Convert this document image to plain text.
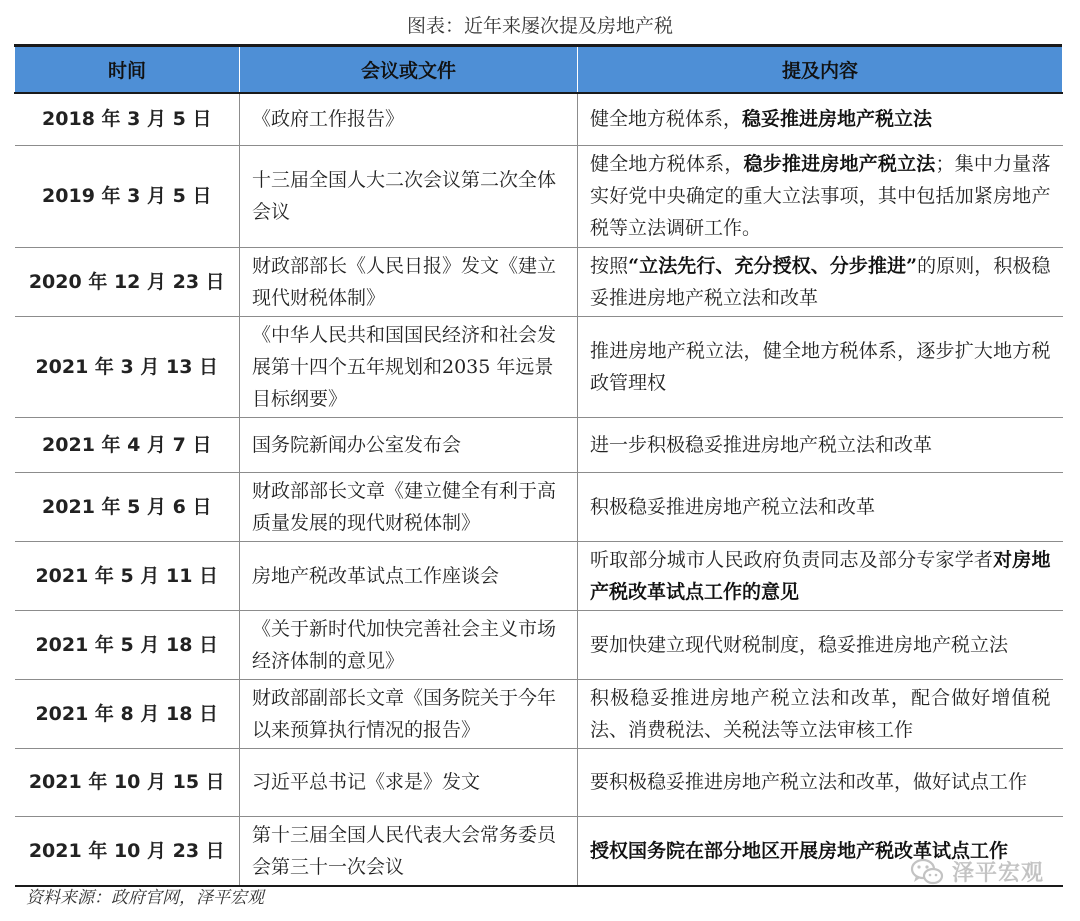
图表：近年来屡次提及房地产税
时间	会议或文件	提及内容
2018 年 3 月 5 日	《政府工作报告》	健全地方税体系，稳妥推进房地产税立法
2019 年 3 月 5 日	十三届全国人大二次会议第二次全体会议	健全地方税体系，稳步推进房地产税立法；集中力量落实好党中央确定的重大立法事项，其中包括加紧房地产税等立法调研工作。
2020 年 12 月 23 日	财政部部长《人民日报》发文《建立现代财税体制》	按照“立法先行、充分授权、分步推进”的原则，积极稳妥推进房地产税立法和改革
2021 年 3 月 13 日	《中华人民共和国国民经济和社会发展第十四个五年规划和2035 年远景目标纲要》	推进房地产税立法，健全地方税体系，逐步扩大地方税政管理权
2021 年 4 月 7 日	国务院新闻办公室发布会	进一步积极稳妥推进房地产税立法和改革
2021 年 5 月 6 日	财政部部长文章《建立健全有利于高质量发展的现代财税体制》	积极稳妥推进房地产税立法和改革
2021 年 5 月 11 日	房地产税改革试点工作座谈会	听取部分城市人民政府负责同志及部分专家学者对房地产税改革试点工作的意见
2021 年 5 月 18 日	《关于新时代加快完善社会主义市场经济体制的意见》	要加快建立现代财税制度，稳妥推进房地产税立法
2021 年 8 月 18 日	财政部副部长文章《国务院关于今年以来预算执行情况的报告》	积极稳妥推进房地产税立法和改革，配合做好增值税法、消费税法、关税法等立法审核工作
2021 年 10 月 15 日	习近平总书记《求是》发文	要积极稳妥推进房地产税立法和改革，做好试点工作
2021 年 10 月 23 日	第十三届全国人民代表大会常务委员会第三十一次会议	授权国务院在部分地区开展房地产税改革试点工作
资料来源：政府官网，泽平宏观
泽平宏观
